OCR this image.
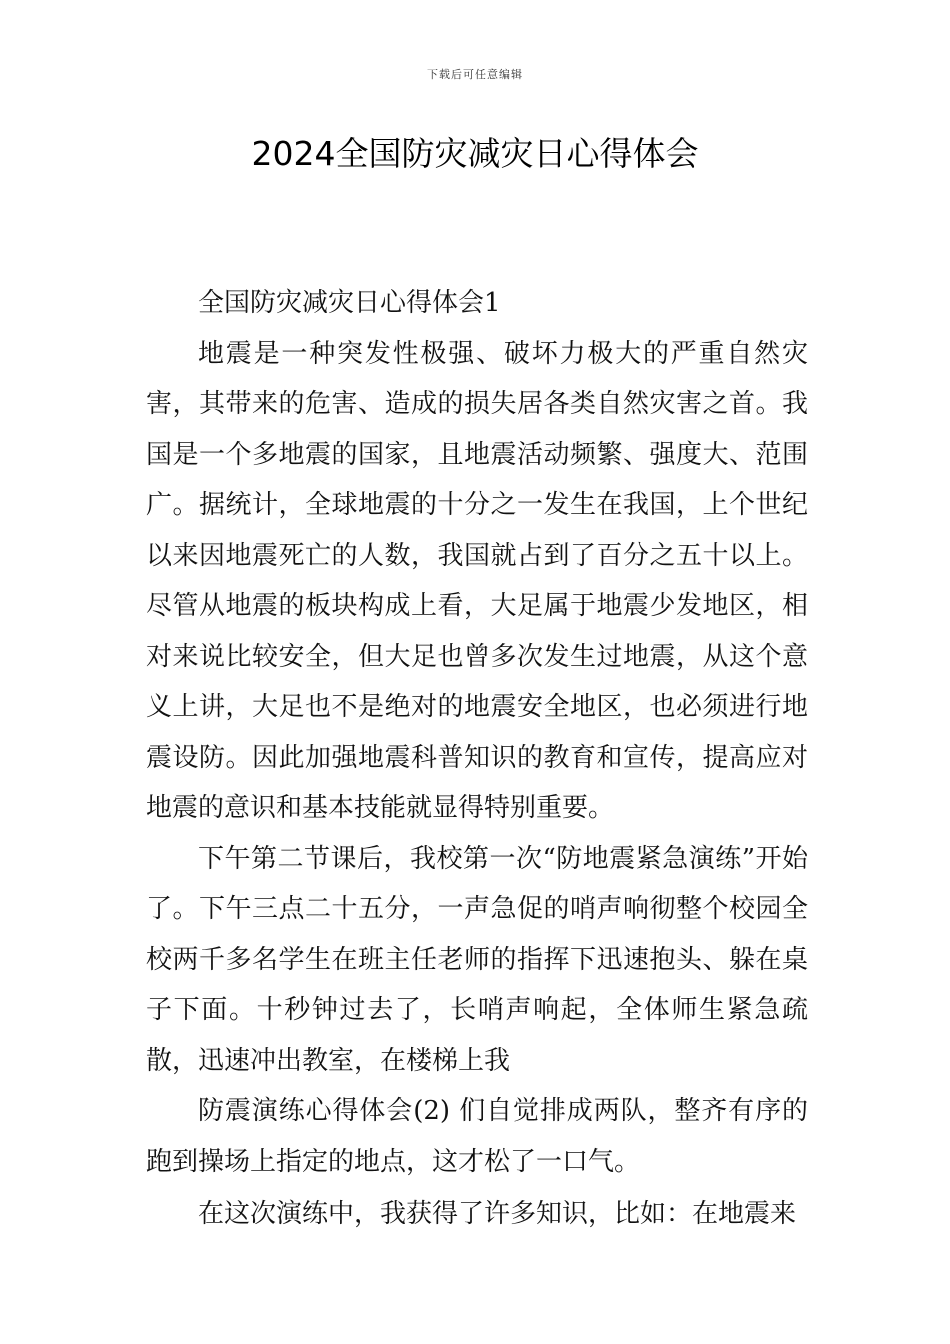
下载后可任意编辑
2024全国防灾减灾日心得体会

全国防灾减灾日心得体会1

地震是一种突发性极强、破坏力极大的严重自然灾害，其带来的危害、造成的损失居各类自然灾害之首。我国是一个多地震的国家，且地震活动频繁、强度大、范围广。据统计，全球地震的十分之一发生在我国，上个世纪以来因地震死亡的人数，我国就占到了百分之五十以上。尽管从地震的板块构成上看，大足属于地震少发地区，相对来说比较安全，但大足也曾多次发生过地震，从这个意义上讲，大足也不是绝对的地震安全地区，也必须进行地震设防。因此加强地震科普知识的教育和宣传，提高应对地震的意识和基本技能就显得特别重要。

下午第二节课后，我校第一次“防地震紧急演练”开始了。下午三点二十五分，一声急促的哨声响彻整个校园全校两千多名学生在班主任老师的指挥下迅速抱头、躲在桌子下面。十秒钟过去了，长哨声响起，全体师生紧急疏散，迅速冲出教室，在楼梯上我

防震演练心得体会(2) 们自觉排成两队，整齐有序的跑到操场上指定的地点，这才松了一口气。

在这次演练中，我获得了许多知识，比如：在地震来
